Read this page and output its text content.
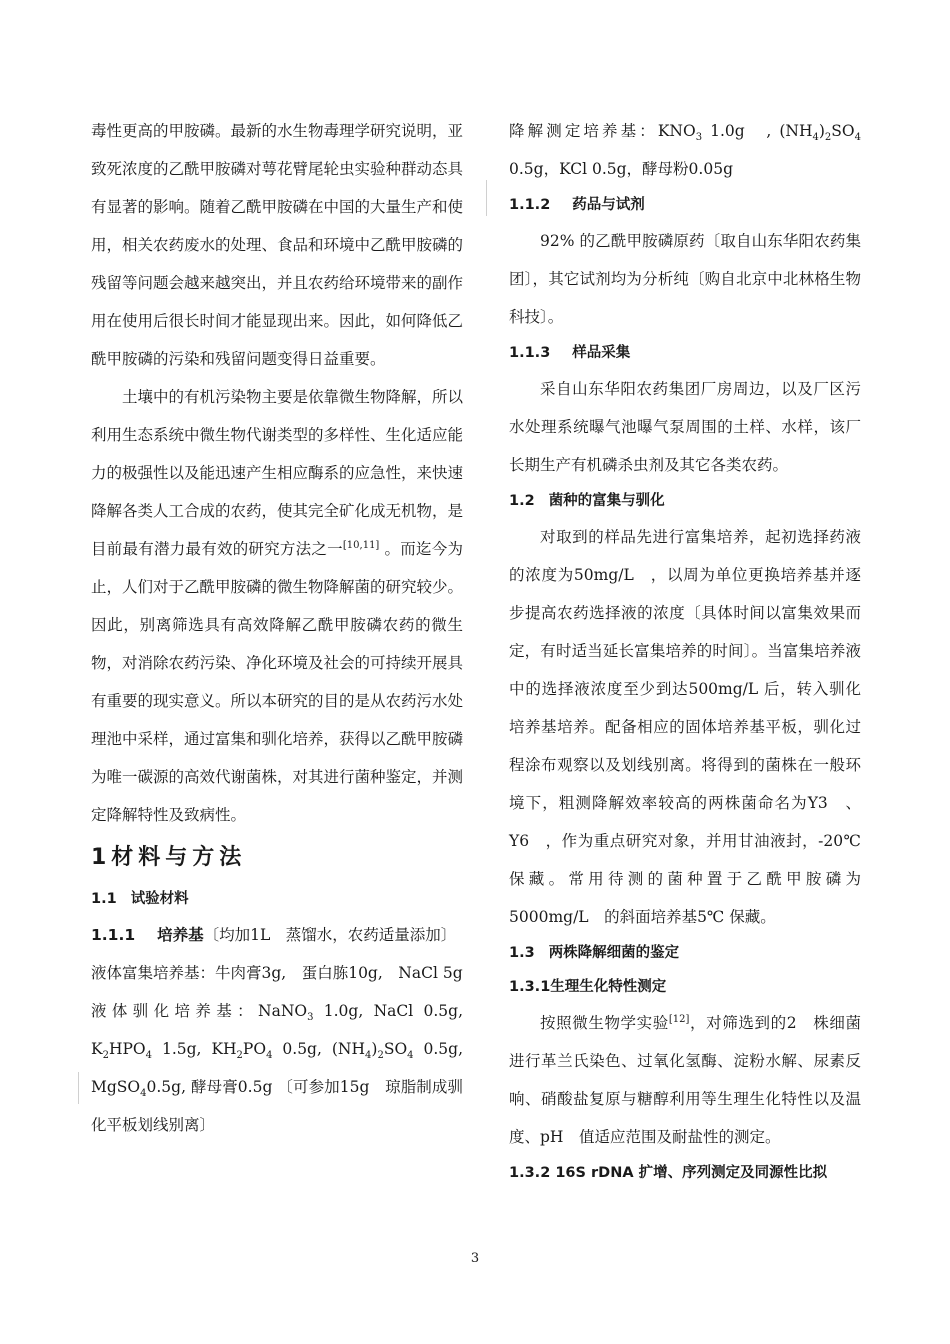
毒性更高的甲胺磷。最新的水生物毒理学研究说明，亚致死浓度的乙酰甲胺磷对萼花臂尾轮虫实验种群动态具有显著的影响。随着乙酰甲胺磷在中国的大量生产和使用，相关农药废水的处理、食品和环境中乙酰甲胺磷的残留等问题会越来越突出，并且农药给环境带来的副作用在使用后很长时间才能显现出来。因此，如何降低乙酰甲胺磷的污染和残留问题变得日益重要。

土壤中的有机污染物主要是依靠微生物降解，所以利用生态系统中微生物代谢类型的多样性、生化适应能力的极强性以及能迅速产生相应酶系的应急性，来快速降解各类人工合成的农药，使其完全矿化成无机物，是目前最有潜力最有效的研究方法之一[10,11] 。而迄今为止，人们对于乙酰甲胺磷的微生物降解菌的研究较少。因此，别离筛选具有高效降解乙酰甲胺磷农药的微生物，对消除农药污染、净化环境及社会的可持续开展具有重要的现实意义。所以本研究的目的是从农药污水处理池中采样，通过富集和驯化培养，获得以乙酰甲胺磷为唯一碳源的高效代谢菌株，对其进行菌种鉴定，并测定降解特性及致病性。

1材料与方法
1.1 试验材料

1.1.1 培养基〔均加1L　蒸馏水，农药适量添加〕

液体富集培养基：牛肉膏3g,　蛋白胨10g,　NaCl 5g

液体驯化培养基：NaNO$_3$ 1.0g, NaCl 0.5g, $K_2HPO_4$ 1.5g, $KH_2PO_4$ 0.5g, $(NH_4)_2SO_4$ 0.5g, MgSO$_4$0.5g, 酵母膏0.5g 〔可参加15g　琼脂制成驯化平板划线别离〕

降解测定培养基：$KNO_3$ 1.0g　, $(NH_4)_2SO_4$ 0.5g，KCl 0.5g，酵母粉0.05g

1.1.2 药品与试剂

92% 的乙酰甲胺磷原药〔取自山东华阳农药集团〕，其它试剂均为分析纯〔购自北京中北林格生物科技〕。

1.1.3 样品采集

采自山东华阳农药集团厂房周边，以及厂区污水处理系统曝气池曝气泵周围的土样、水样，该厂长期生产有机磷杀虫剂及其它各类农药。

1.2 菌种的富集与驯化

对取到的样品先进行富集培养，起初选择药液的浓度为50mg/L　，以周为单位更换培养基并逐步提高农药选择液的浓度〔具体时间以富集效果而定，有时适当延长富集培养的时间〕。当富集培养液中的选择液浓度至少到达500mg/L 后，转入驯化培养基培养。配备相应的固体培养基平板，驯化过程涂布观察以及划线别离。将得到的菌株在一般环境下，粗测降解效率较高的两株菌命名为Y3　、Y6　，作为重点研究对象，并用甘油液封，-20℃ 保藏。常用待测的菌种置于乙酰甲胺磷为5000mg/L　的斜面培养基5℃ 保藏。

1.3 两株降解细菌的鉴定
1.3.1生理生化特性测定

按照微生物学实验[12]，对筛选到的2　株细菌进行革兰氏染色、过氧化氢酶、淀粉水解、尿素反响、硝酸盐复原与糖醇利用等生理生化特性以及温度、pH　值适应范围及耐盐性的测定。

1.3.2 16S rDNA 扩增、序列测定及同源性比拟
3
